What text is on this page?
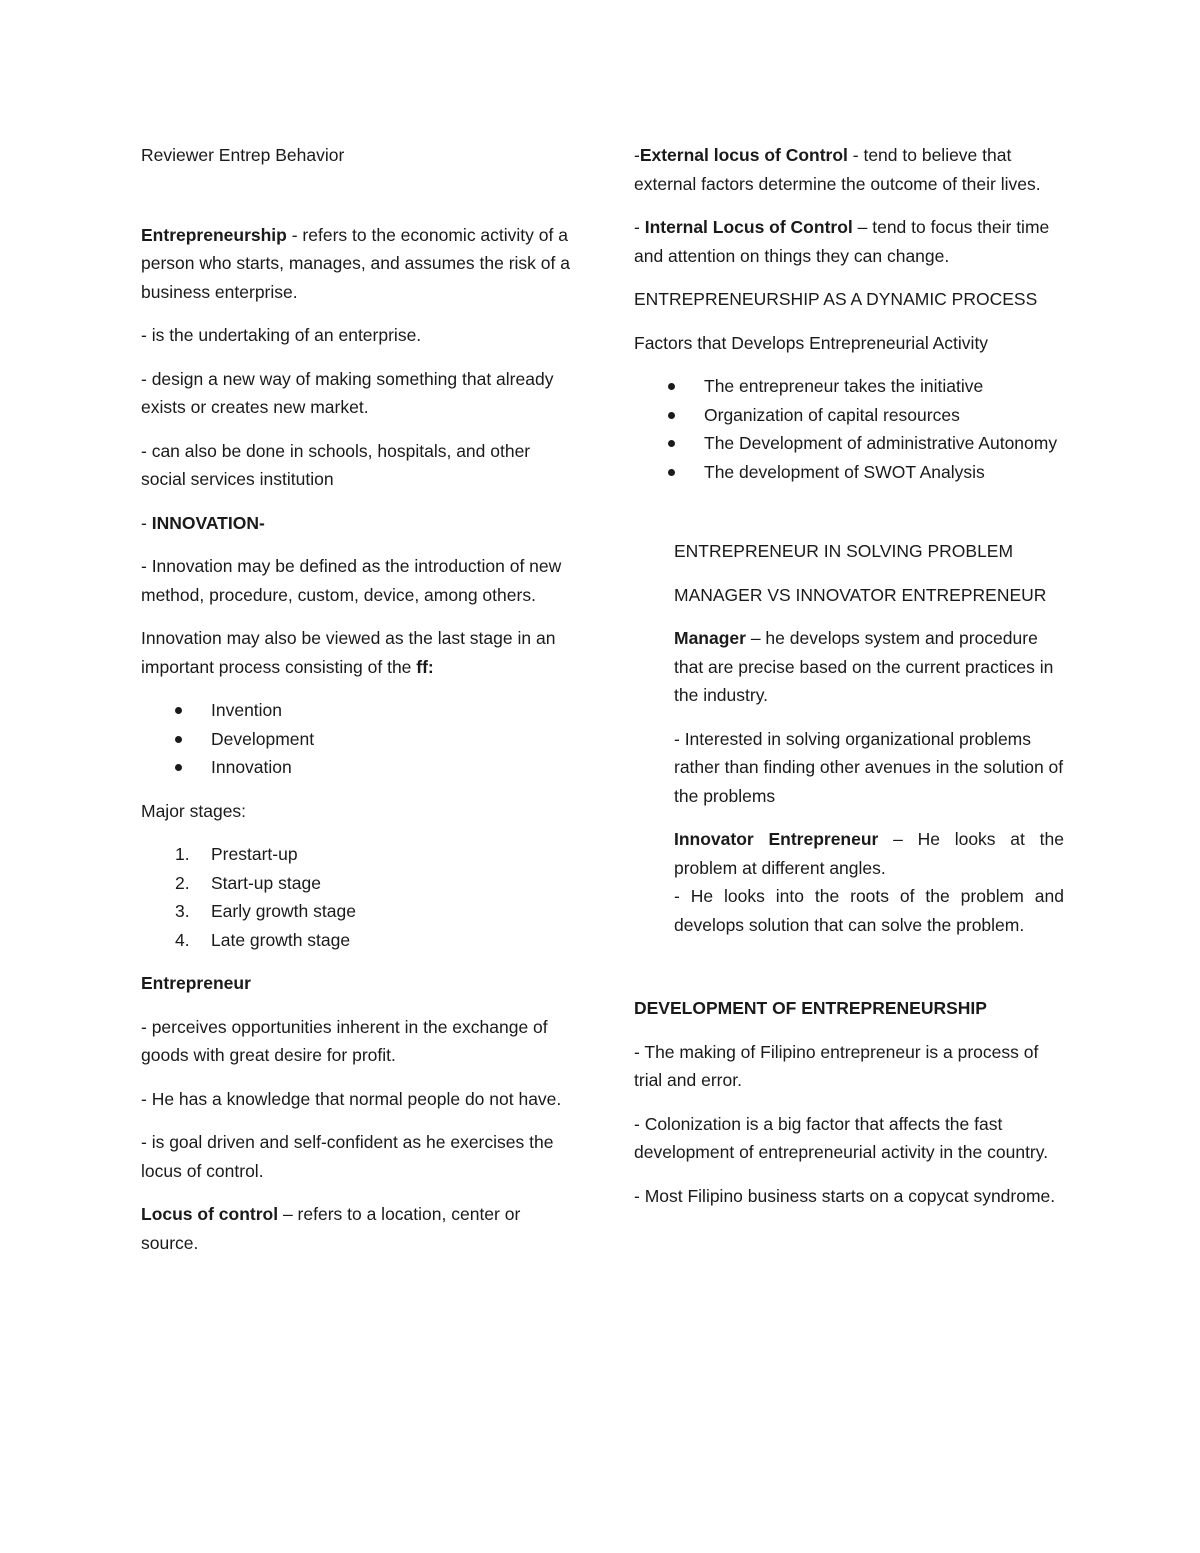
Reviewer Entrep Behavior

Entrepreneurship - refers to the economic activity of a person who starts, manages, and assumes the risk of a business enterprise.

- is the undertaking of an enterprise.

- design a new way of making something that already exists or creates new market.

- can also be done in schools, hospitals, and other social services institution

- INNOVATION-

- Innovation may be defined as the introduction of new method, procedure, custom, device, among others.

Innovation may also be viewed as the last stage in an important process consisting of the ff:

Invention
Development
Innovation

Major stages:

1. Prestart-up
2. Start-up stage
3. Early growth stage
4. Late growth stage

Entrepreneur

- perceives opportunities inherent in the exchange of goods with great desire for profit.

- He has a knowledge that normal people do not have.

- is goal driven and self-confident as he exercises the locus of control.

Locus of control – refers to a location, center or source.

-External locus of Control - tend to believe that external factors determine the outcome of their lives.

- Internal Locus of Control – tend to focus their time and attention on things they can change.

ENTREPRENEURSHIP AS A DYNAMIC PROCESS

Factors that Develops Entrepreneurial Activity

The entrepreneur takes the initiative
Organization of capital resources
The Development of administrative Autonomy
The development of SWOT Analysis

ENTREPRENEUR IN SOLVING PROBLEM

MANAGER VS INNOVATOR ENTREPRENEUR

Manager – he develops system and procedure that are precise based on the current practices in the industry.

- Interested in solving organizational problems rather than finding other avenues in the solution of the problems

Innovator Entrepreneur – He looks at the problem at different angles.

- He looks into the roots of the problem and develops solution that can solve the problem.

DEVELOPMENT OF ENTREPRENEURSHIP

- The making of Filipino entrepreneur is a process of trial and error.

- Colonization is a big factor that affects the fast development of entrepreneurial activity in the country.

- Most Filipino business starts on a copycat syndrome.
